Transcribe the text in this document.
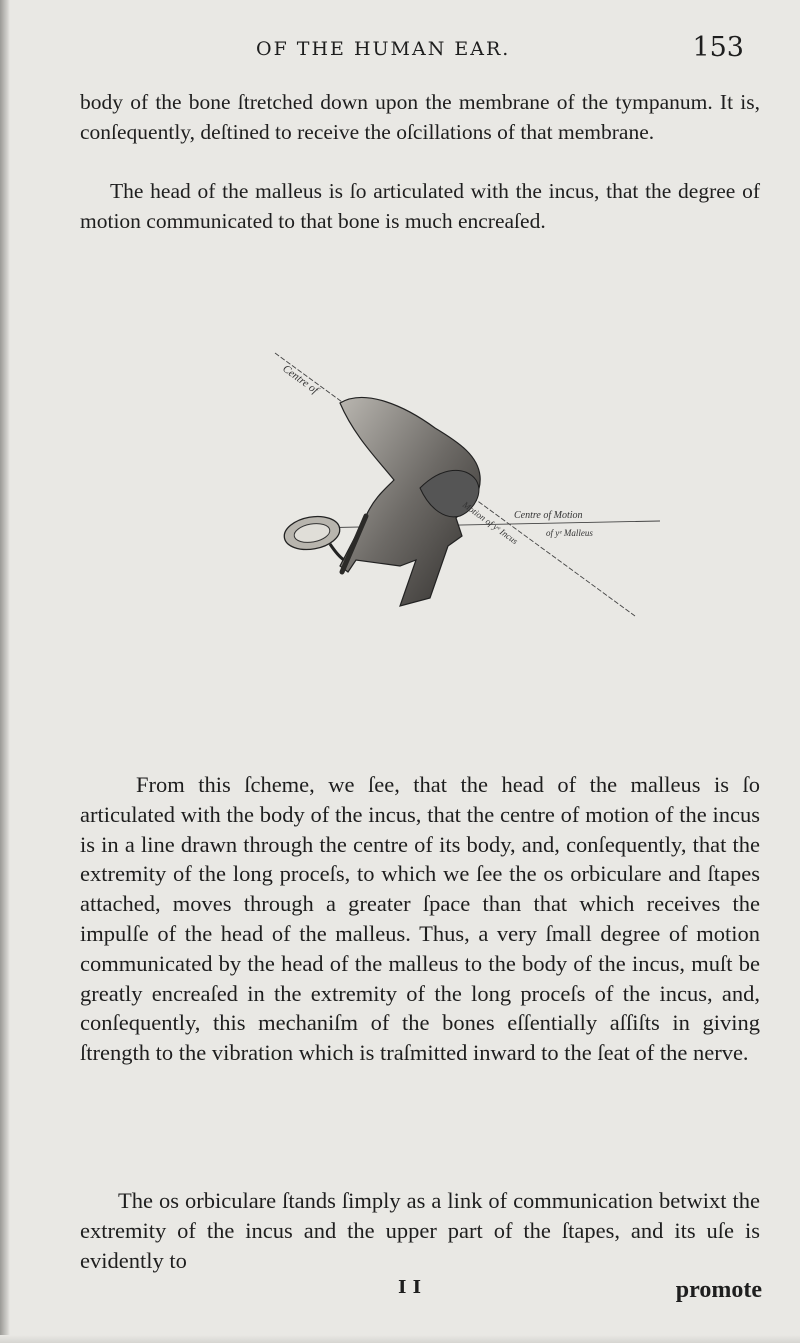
OF THE HUMAN EAR.	153

body of the bone ſtretched down upon the membrane of the tympanum. It is, conſequently, deſtined to receive the oſcillations of that membrane.

The head of the malleus is ſo articulated with the incus, that the degree of motion communicated to that bone is much encreaſed.

Centre of
Centre of Motion
of yᵉ Malleus
Motion of yᵉ Incus

From this ſcheme, we ſee, that the head of the malleus is ſo articulated with the body of the incus, that the centre of motion of the incus is in a line drawn through the centre of its body, and, conſequently, that the extremity of the long proceſs, to which we ſee the os orbiculare and ſtapes attached, moves through a greater ſpace than that which receives the impulſe of the head of the malleus. Thus, a very ſmall degree of motion communicated by the head of the malleus to the body of the incus, muſt be greatly encreaſed in the extremity of the long proceſs of the incus, and, conſequently, this mechaniſm of the bones eſſentially aſſiſts in giving ſtrength to the vibration which is traſmitted inward to the ſeat of the nerve.

The os orbiculare ſtands ſimply as a link of communication betwixt the extremity of the incus and the upper part of the ſtapes, and its uſe is evidently to

I I	promote
